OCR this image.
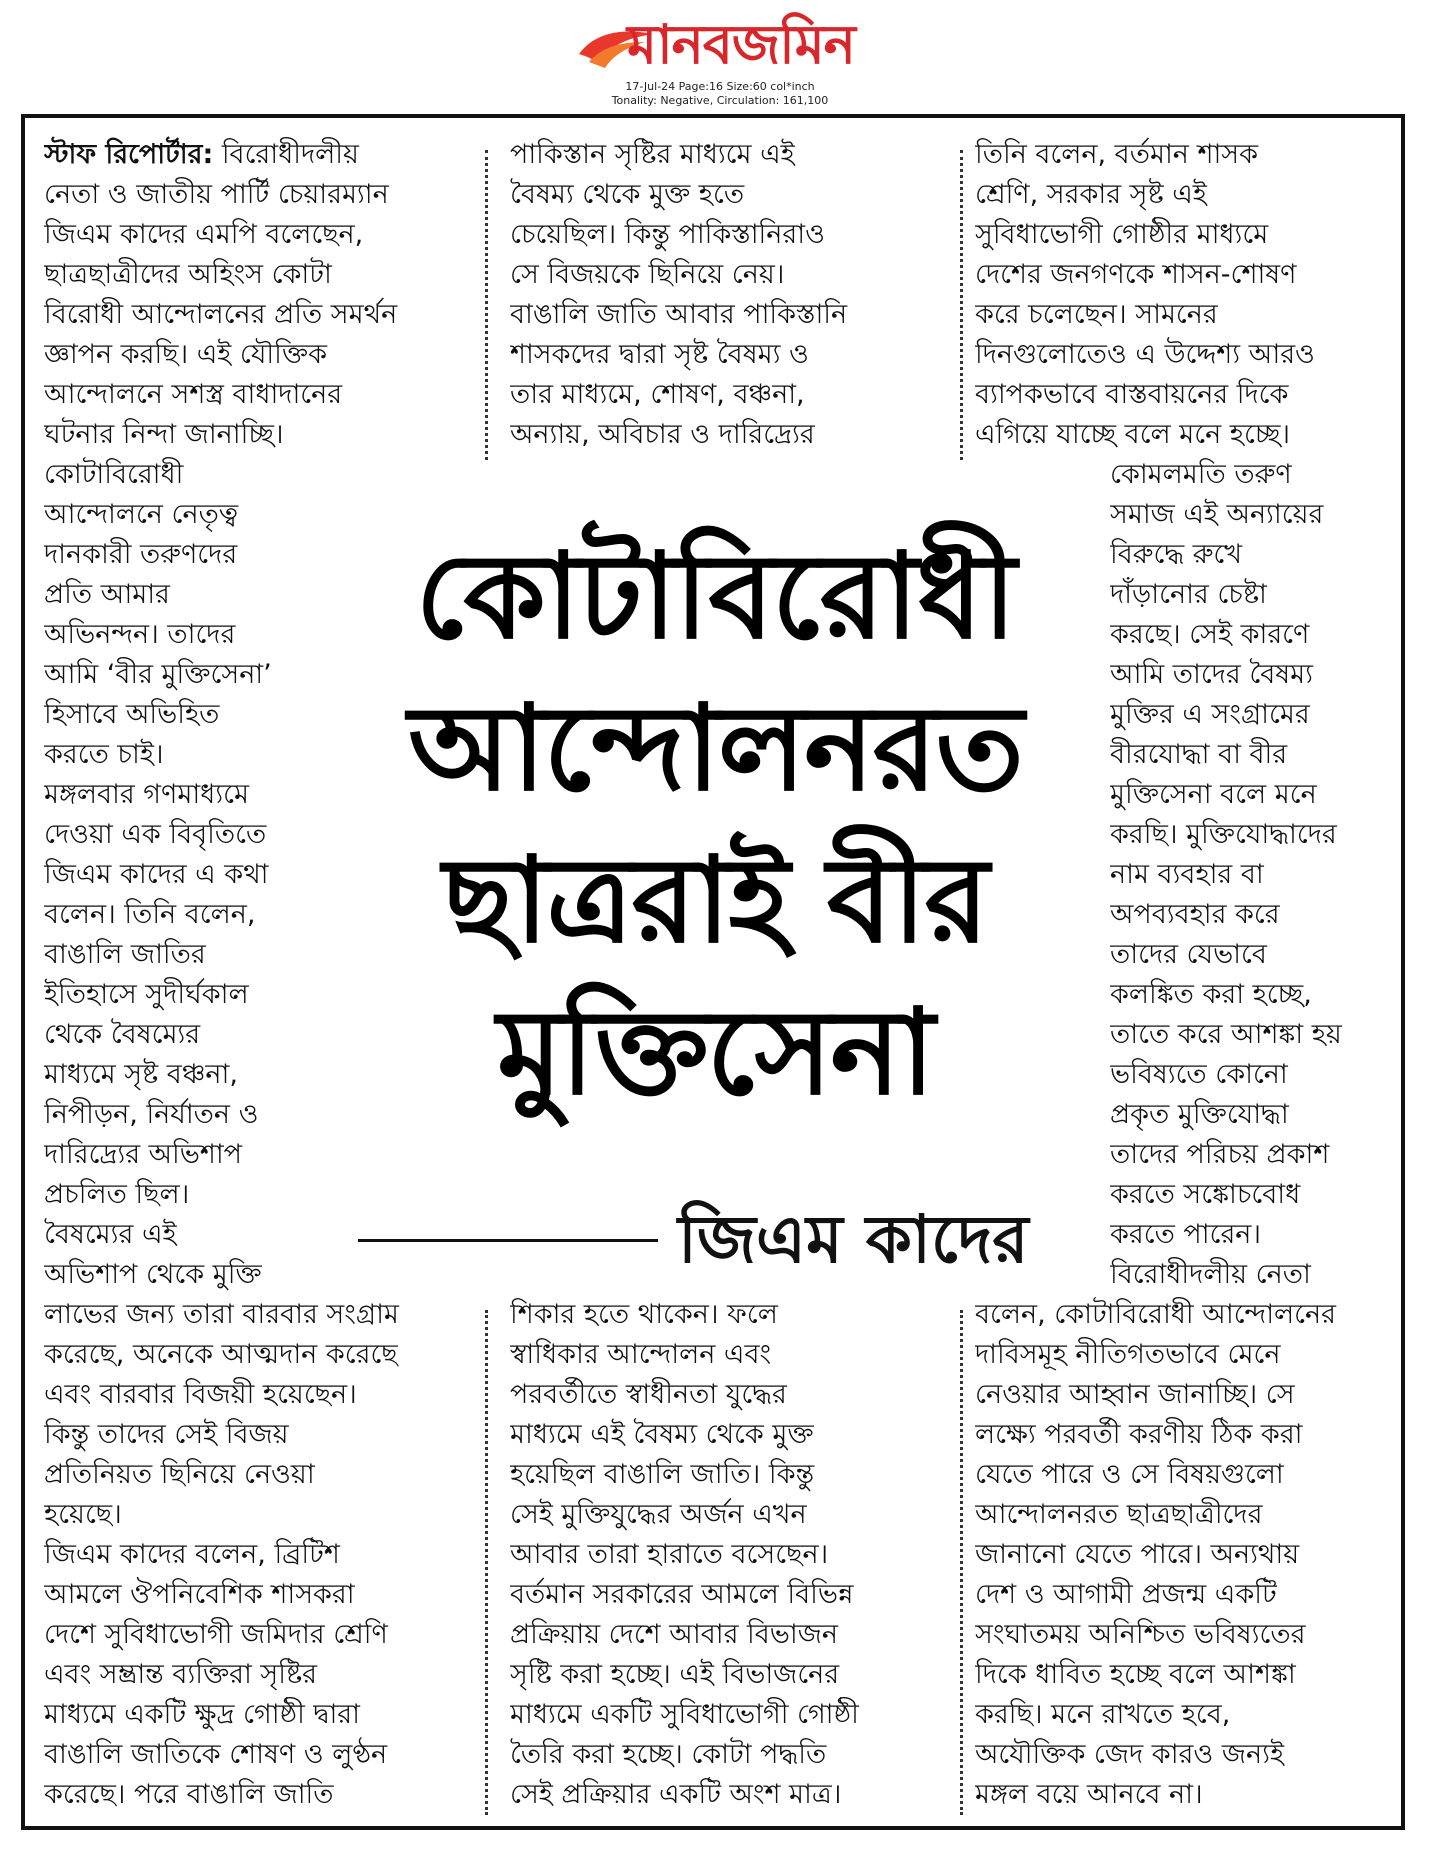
মানবজমিন
17-Jul-24 Page:16 Size:60 col*inch
Tonality: Negative, Circulation: 161,100
স্টাফ রিপোর্টার: বিরোধীদলীয়
নেতা ও জাতীয় পার্টি চেয়ারম্যান
জিএম কাদের এমপি বলেছেন,
ছাত্রছাত্রীদের অহিংস কোটা
বিরোধী আন্দোলনের প্রতি সমর্থন
জ্ঞাপন করছি। এই যৌক্তিক
আন্দোলনে সশস্ত্র বাধাদানের
ঘটনার নিন্দা জানাচ্ছি।
পাকিস্তান সৃষ্টির মাধ্যমে এই
বৈষম্য থেকে মুক্ত হতে
চেয়েছিল। কিন্তু পাকিস্তানিরাও
সে বিজয়কে ছিনিয়ে নেয়।
বাঙালি জাতি আবার পাকিস্তানি
শাসকদের দ্বারা সৃষ্ট বৈষম্য ও
তার মাধ্যমে, শোষণ, বঞ্চনা,
অন্যায়, অবিচার ও দারিদ্র্যের
তিনি বলেন, বর্তমান শাসক
শ্রেণি, সরকার সৃষ্ট এই
সুবিধাভোগী গোষ্ঠীর মাধ্যমে
দেশের জনগণকে শাসন-শোষণ
করে চলেছেন। সামনের
দিনগুলোতেও এ উদ্দেশ্য আরও
ব্যাপকভাবে বাস্তবায়নের দিকে
এগিয়ে যাচ্ছে বলে মনে হচ্ছে।
কোটাবিরোধী
আন্দোলনে নেতৃত্ব
দানকারী তরুণদের
প্রতি আমার
অভিনন্দন। তাদের
আমি ‘বীর মুক্তিসেনা’
হিসাবে অভিহিত
করতে চাই।
মঙ্গলবার গণমাধ্যমে
দেওয়া এক বিবৃতিতে
জিএম কাদের এ কথা
বলেন। তিনি বলেন,
বাঙালি জাতির
ইতিহাসে সুদীর্ঘকাল
থেকে বৈষম্যের
মাধ্যমে সৃষ্ট বঞ্চনা,
নিপীড়ন, নির্যাতন ও
দারিদ্র্যের অভিশাপ
প্রচলিত ছিল।
বৈষম্যের এই
অভিশাপ থেকে মুক্তি
কোমলমতি তরুণ
সমাজ এই অন্যায়ের
বিরুদ্ধে রুখে
দাঁড়ানোর চেষ্টা
করছে। সেই কারণে
আমি তাদের বৈষম্য
মুক্তির এ সংগ্রামের
বীরযোদ্ধা বা বীর
মুক্তিসেনা বলে মনে
করছি। মুক্তিযোদ্ধাদের
নাম ব্যবহার বা
অপব্যবহার করে
তাদের যেভাবে
কলঙ্কিত করা হচ্ছে,
তাতে করে আশঙ্কা হয়
ভবিষ্যতে কোনো
প্রকৃত মুক্তিযোদ্ধা
তাদের পরিচয় প্রকাশ
করতে সঙ্কোচবোধ
করতে পারেন।
বিরোধীদলীয় নেতা
কোটাবিরোধী
আন্দোলনরত
ছাত্ররাই বীর
মুক্তিসেনা
জিএম কাদের
লাভের জন্য তারা বারবার সংগ্রাম
করেছে, অনেকে আত্মদান করেছে
এবং বারবার বিজয়ী হয়েছেন।
কিন্তু তাদের সেই বিজয়
প্রতিনিয়ত ছিনিয়ে নেওয়া
হয়েছে।
জিএম কাদের বলেন, ব্রিটিশ
আমলে ঔপনিবেশিক শাসকরা
দেশে সুবিধাভোগী জমিদার শ্রেণি
এবং সম্ভ্রান্ত ব্যক্তিরা সৃষ্টির
মাধ্যমে একটি ক্ষুদ্র গোষ্ঠী দ্বারা
বাঙালি জাতিকে শোষণ ও লুণ্ঠন
করেছে। পরে বাঙালি জাতি
শিকার হতে থাকেন। ফলে
স্বাধিকার আন্দোলন এবং
পরবর্তীতে স্বাধীনতা যুদ্ধের
মাধ্যমে এই বৈষম্য থেকে মুক্ত
হয়েছিল বাঙালি জাতি। কিন্তু
সেই মুক্তিযুদ্ধের অর্জন এখন
আবার তারা হারাতে বসেছেন।
বর্তমান সরকারের আমলে বিভিন্ন
প্রক্রিয়ায় দেশে আবার বিভাজন
সৃষ্টি করা হচ্ছে। এই বিভাজনের
মাধ্যমে একটি সুবিধাভোগী গোষ্ঠী
তৈরি করা হচ্ছে। কোটা পদ্ধতি
সেই প্রক্রিয়ার একটি অংশ মাত্র।
বলেন, কোটাবিরোধী আন্দোলনের
দাবিসমূহ নীতিগতভাবে মেনে
নেওয়ার আহ্বান জানাচ্ছি। সে
লক্ষ্যে পরবর্তী করণীয় ঠিক করা
যেতে পারে ও সে বিষয়গুলো
আন্দোলনরত ছাত্রছাত্রীদের
জানানো যেতে পারে। অন্যথায়
দেশ ও আগামী প্রজন্ম একটি
সংঘাতময় অনিশ্চিত ভবিষ্যতের
দিকে ধাবিত হচ্ছে বলে আশঙ্কা
করছি। মনে রাখতে হবে,
অযৌক্তিক জেদ কারও জন্যই
মঙ্গল বয়ে আনবে না।
